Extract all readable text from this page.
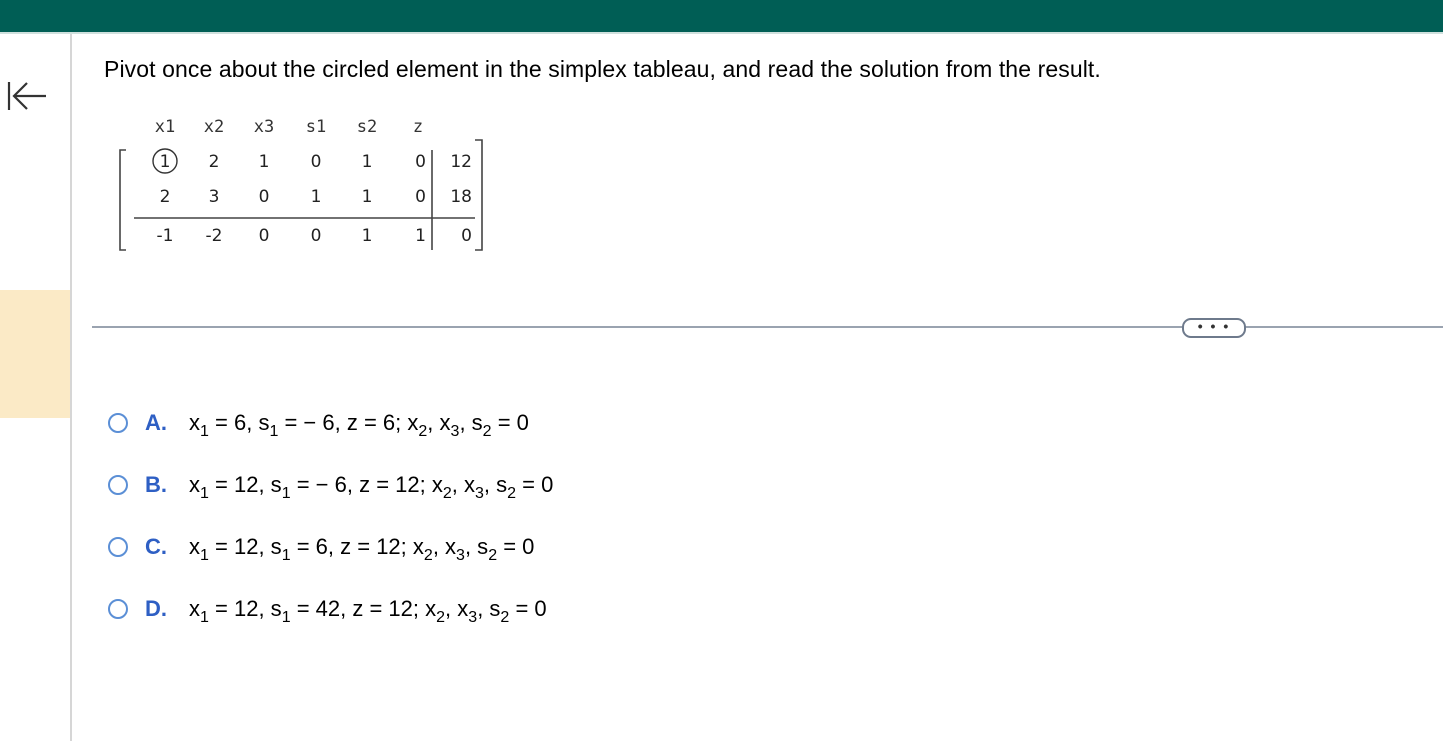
Pivot once about the circled element in the simplex tableau, and read the solution from the result.
x1 x2 x3 s1 s2 z
1 2 1 0 1	0 12
2 3 0 1 1	0 18
-1 -2 0 0 1	1 0
• • •
A.	$x_1 = 6$, $s_1$ = − 6, z = 6; $x_2$, $x_3$, $s_2 = 0$
B.	$x_1 = 12$, $s_1$ = − 6, z = 12; $x_2$, $x_3$, $s_2 = 0$
C.	$x_1 = 12$, $s_1 = 6$, z = 12; $x_2$, $x_3$, $s_2 = 0$
D.	$x_1 = 12$, $s_1 = 42$, z = 12; $x_2$, $x_3$, $s_2 = 0$
